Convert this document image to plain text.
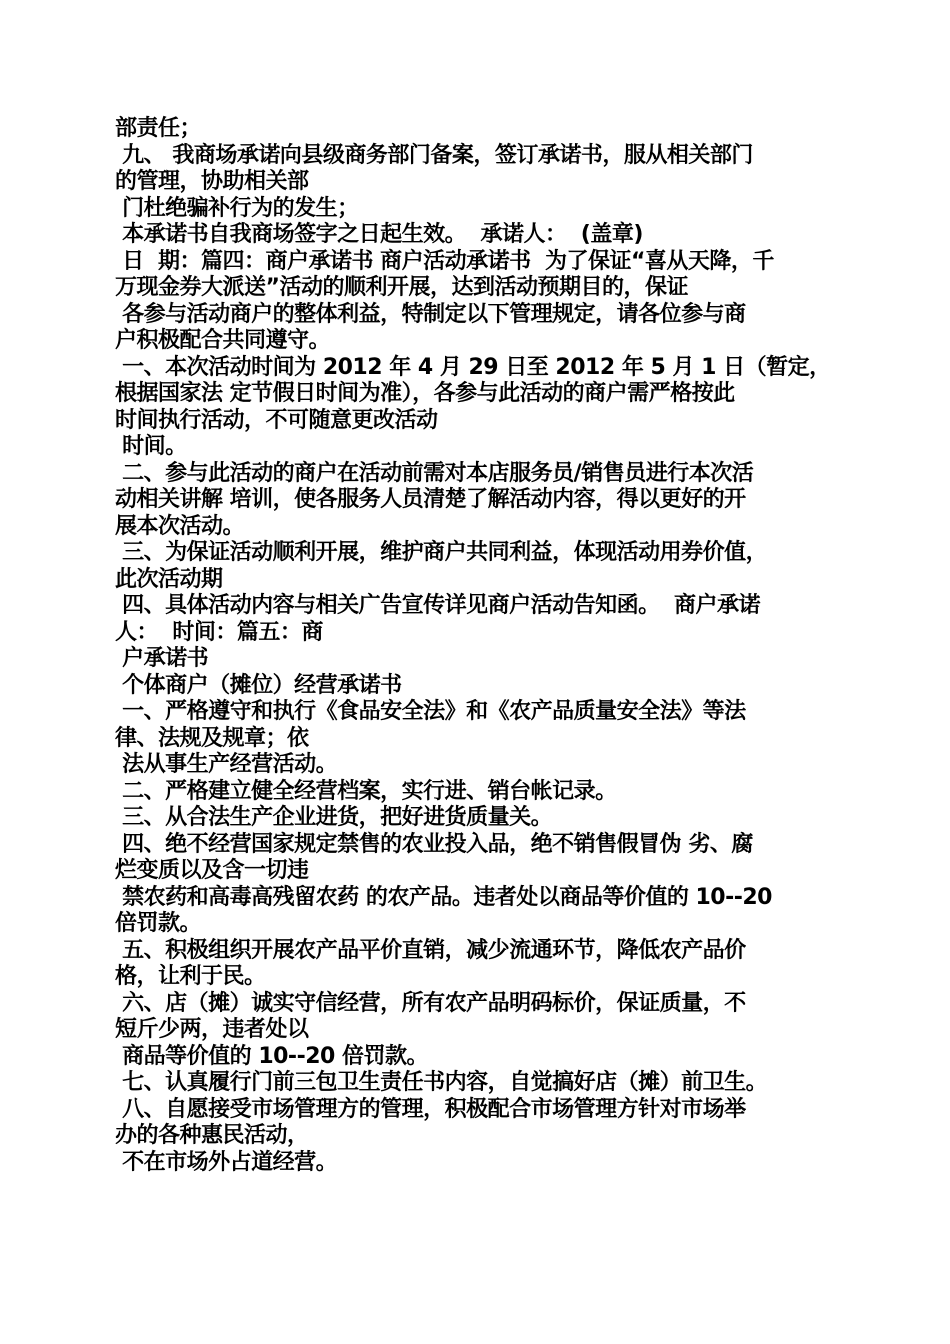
部责任；
九、 我商场承诺向县级商务部门备案，签订承诺书，服从相关部门
的管理，协助相关部
门杜绝骗补行为的发生；
本承诺书自我商场签字之日起生效。  承诺人：  (盖章)
日  期：篇四：商户承诺书 商户活动承诺书  为了保证“喜从天降，千
万现金券大派送”活动的顺利开展，达到活动预期目的，保证
各参与活动商户的整体利益，特制定以下管理规定，请各位参与商
户积极配合共同遵守。
一、本次活动时间为 2012 年 4 月 29 日至 2012 年 5 月 1 日（暂定，
根据国家法 定节假日时间为准），各参与此活动的商户需严格按此
时间执行活动，不可随意更改活动
时间。
二、参与此活动的商户在活动前需对本店服务员/销售员进行本次活
动相关讲解 培训，使各服务人员清楚了解活动内容，得以更好的开
展本次活动。
三、为保证活动顺利开展，维护商户共同利益，体现活动用券价值，
此次活动期
四、具体活动内容与相关广告宣传详见商户活动告知函。  商户承诺
人：  时间：篇五：商
户承诺书
个体商户（摊位）经营承诺书
一、严格遵守和执行《食品安全法》和《农产品质量安全法》等法
律、法规及规章；依
法从事生产经营活动。
二、严格建立健全经营档案，实行进、销台帐记录。
三、从合法生产企业进货，把好进货质量关。
四、绝不经营国家规定禁售的农业投入品，绝不销售假冒伪 劣、腐
烂变质以及含一切违
禁农药和高毒高残留农药 的农产品。违者处以商品等价值的 10--20
倍罚款。
五、积极组织开展农产品平价直销，减少流通环节，降低农产品价
格，让利于民。
六、店（摊）诚实守信经营，所有农产品明码标价，保证质量，不
短斤少两，违者处以
商品等价值的 10--20 倍罚款。
七、认真履行门前三包卫生责任书内容，自觉搞好店（摊）前卫生。
八、自愿接受市场管理方的管理，积极配合市场管理方针对市场举
办的各种惠民活动，
不在市场外占道经营。
